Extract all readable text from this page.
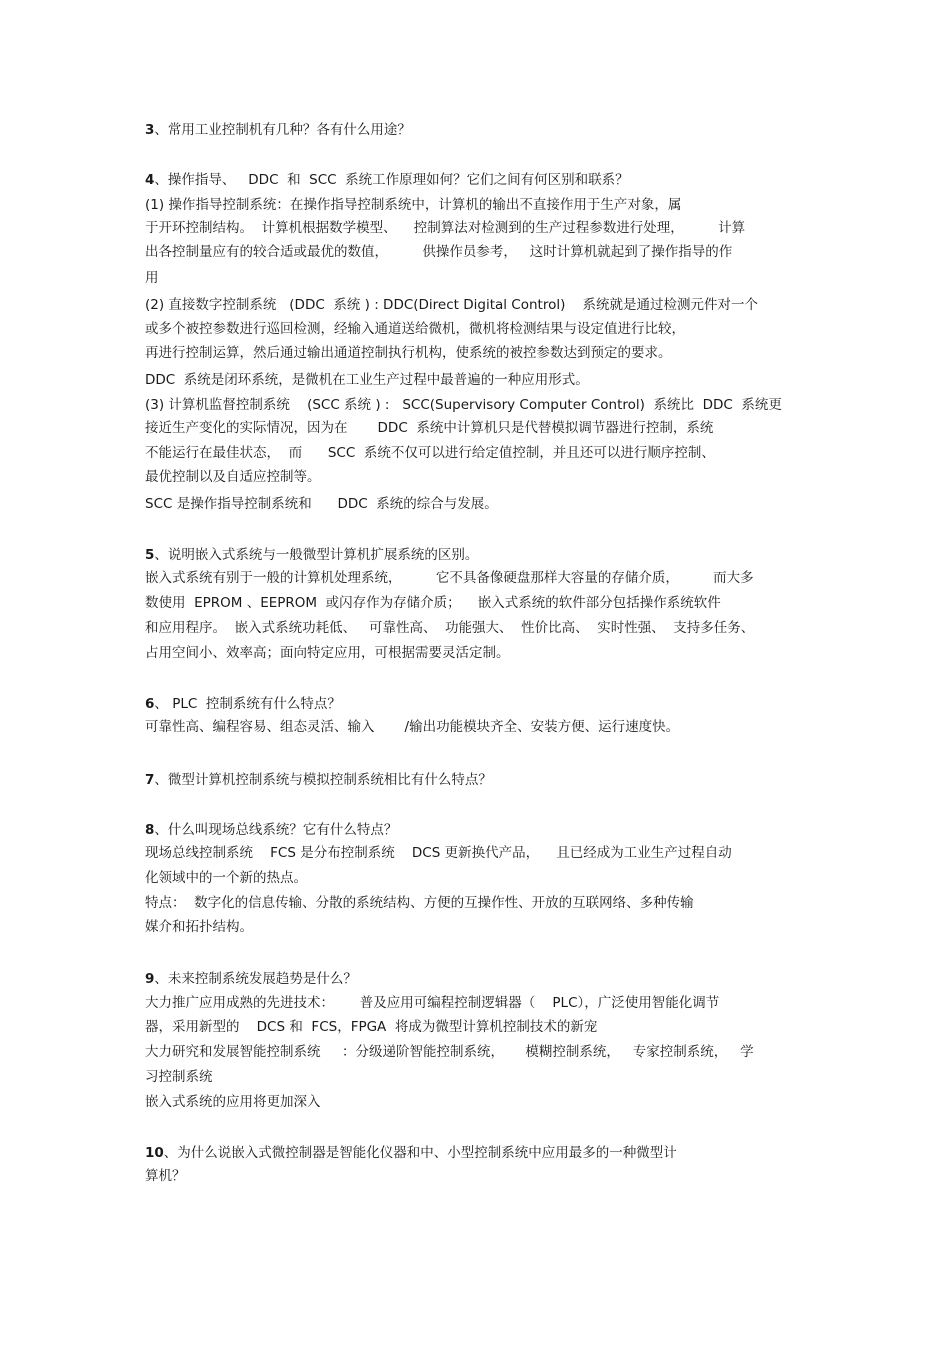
3、常用工业控制机有几种？各有什么用途？

4、操作指导、   DDC  和  SCC  系统工作原理如何？它们之间有何区别和联系？

(1) 操作指导控制系统：在操作指导控制系统中，计算机的输出不直接作用于生产对象，属

于开环控制结构。  计算机根据数学模型、    控制算法对检测到的生产过程参数进行处理，        计算

出各控制量应有的较合适或最优的数值，        供操作员参考，   这时计算机就起到了操作指导的作

用

(2) 直接数字控制系统   (DDC  系统 ) : DDC(Direct Digital Control)    系统就是通过检测元件对一个

或多个被控参数进行巡回检测，经输入通道送给微机，微机将检测结果与设定值进行比较，

再进行控制运算，然后通过输出通道控制执行机构，使系统的被控参数达到预定的要求。

DDC  系统是闭环系统，是微机在工业生产过程中最普遍的一种应用形式。

(3) 计算机监督控制系统    (SCC 系统 ) :   SCC(Supervisory Computer Control)  系统比  DDC  系统更

接近生产变化的实际情况，因为在       DDC  系统中计算机只是代替模拟调节器进行控制，系统

不能运行在最佳状态，  而      SCC  系统不仅可以进行给定值控制，并且还可以进行顺序控制、

最优控制以及自适应控制等。

SCC 是操作指导控制系统和      DDC  系统的综合与发展。

5、说明嵌入式系统与一般微型计算机扩展系统的区别。

嵌入式系统有别于一般的计算机处理系统，        它不具备像硬盘那样大容量的存储介质，        而大多

数使用  EPROM 、EEPROM  或闪存作为存储介质；    嵌入式系统的软件部分包括操作系统软件

和应用程序。  嵌入式系统功耗低、   可靠性高、  功能强大、  性价比高、  实时性强、  支持多任务、

占用空间小、效率高；面向特定应用，可根据需要灵活定制。

6、 PLC  控制系统有什么特点？

可靠性高、编程容易、组态灵活、输入       /输出功能模块齐全、安装方便、运行速度快。

7、微型计算机控制系统与模拟控制系统相比有什么特点？

8、什么叫现场总线系统？它有什么特点？

现场总线控制系统    FCS 是分布控制系统    DCS 更新换代产品，    且已经成为工业生产过程自动

化领域中的一个新的热点。

特点：  数字化的信息传输、分散的系统结构、方便的互操作性、开放的互联网络、多种传输

媒介和拓扑结构。

9、未来控制系统发展趋势是什么？

大力推广应用成熟的先进技术：      普及应用可编程控制逻辑器（    PLC），广泛使用智能化调节

器，采用新型的    DCS 和  FCS，FPGA  将成为微型计算机控制技术的新宠

大力研究和发展智能控制系统     ：分级递阶智能控制系统，     模糊控制系统，   专家控制系统，   学

习控制系统

嵌入式系统的应用将更加深入

10、为什么说嵌入式微控制器是智能化仪器和中、小型控制系统中应用最多的一种微型计

算机？
